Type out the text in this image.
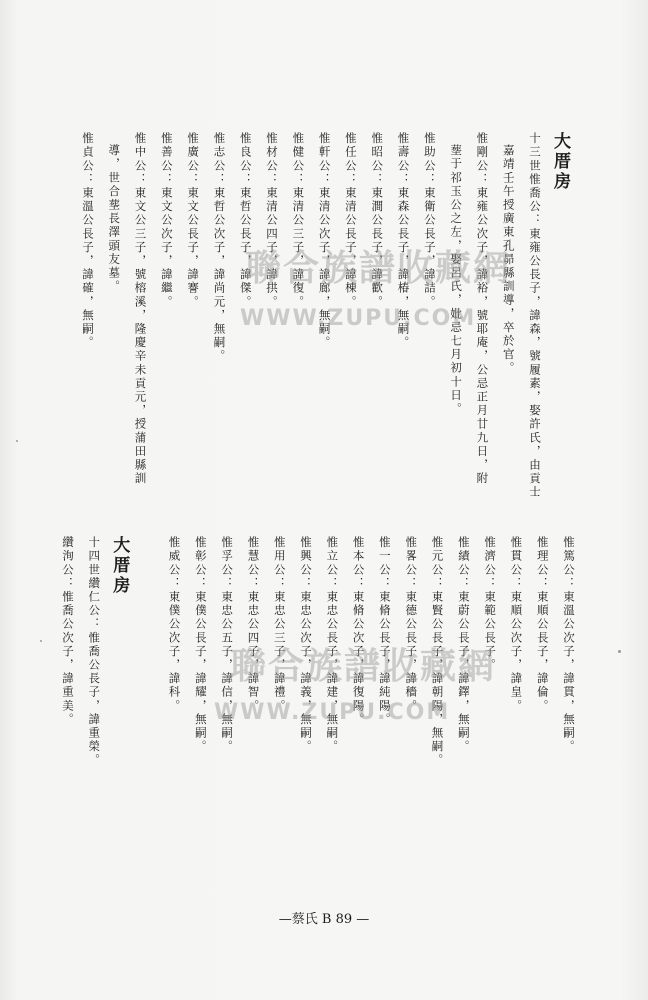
大厝房
十三世惟喬公：東雍公長子，諱森，號履素，娶許氏，由貢士
嘉靖壬午授廣東孔昴縣訓導，卒於官。
惟剛公：東雍公次子，諱裕，號耶庵，公忌正月廿九日，附
塟于祁玉公之左，娶呂氏，妣忌七月初十日。
惟助公：東衛公長子，諱詰。
惟壽公：東森公長子，諱椿，無嗣。
惟昭公：東澗公長子，諱歡。
惟任公：東清公長子，諱棟。
惟軒公：東清公次子，諱廊，無嗣。
惟健公：東清公三子，諱復。
惟材公：東清公四子，諱拱。
惟良公：東哲公長子，諱傑。
惟志公：東哲公次子，諱尚元，無嗣。
惟廣公：東文公長子，諱謇。
惟善公：東文公次子，諱繼。
惟中公：東文公三子，號榕溪，隆慶辛未貢元，授蒲田縣訓
導，世合塟長澤頭友墓。
惟貞公：東溫公長子，諱確，無嗣。
惟篤公：東溫公次子，諱貫，無嗣。
惟理公：東順公長子，諱倫。
惟貫公：東順公次子，諱皇。
惟濟公：東範公長子。
惟績公：東蔚公長子，諱鐸，無嗣。
惟元公：東賢公長子，諱朝陽，無嗣。
惟畧公：東德公長子，諱穡。
惟一公：東脩公長子，諱純陽。
惟本公：東脩公次子，諱復陽。
惟立公：東忠公長子，諱建，無嗣。
惟興公：東忠公次子，諱義，無嗣。
惟用公：東忠公三子，諱禮。
惟慧公：東忠公四子，諱智。
惟孚公：東忠公五子，諱信，無嗣。
惟彰公：東僕公長子，諱耀，無嗣。
惟威公：東僕公次子，諱科。
大厝房
十四世纘仁公：惟喬公長子，諱重榮。
纘洵公：惟喬公次子，諱重美。
聯合族譜收藏網
WWW.ZUPU.COM
聯合族譜收藏網
WWW.ZUPU.COM
—蔡氏 B 89 —
